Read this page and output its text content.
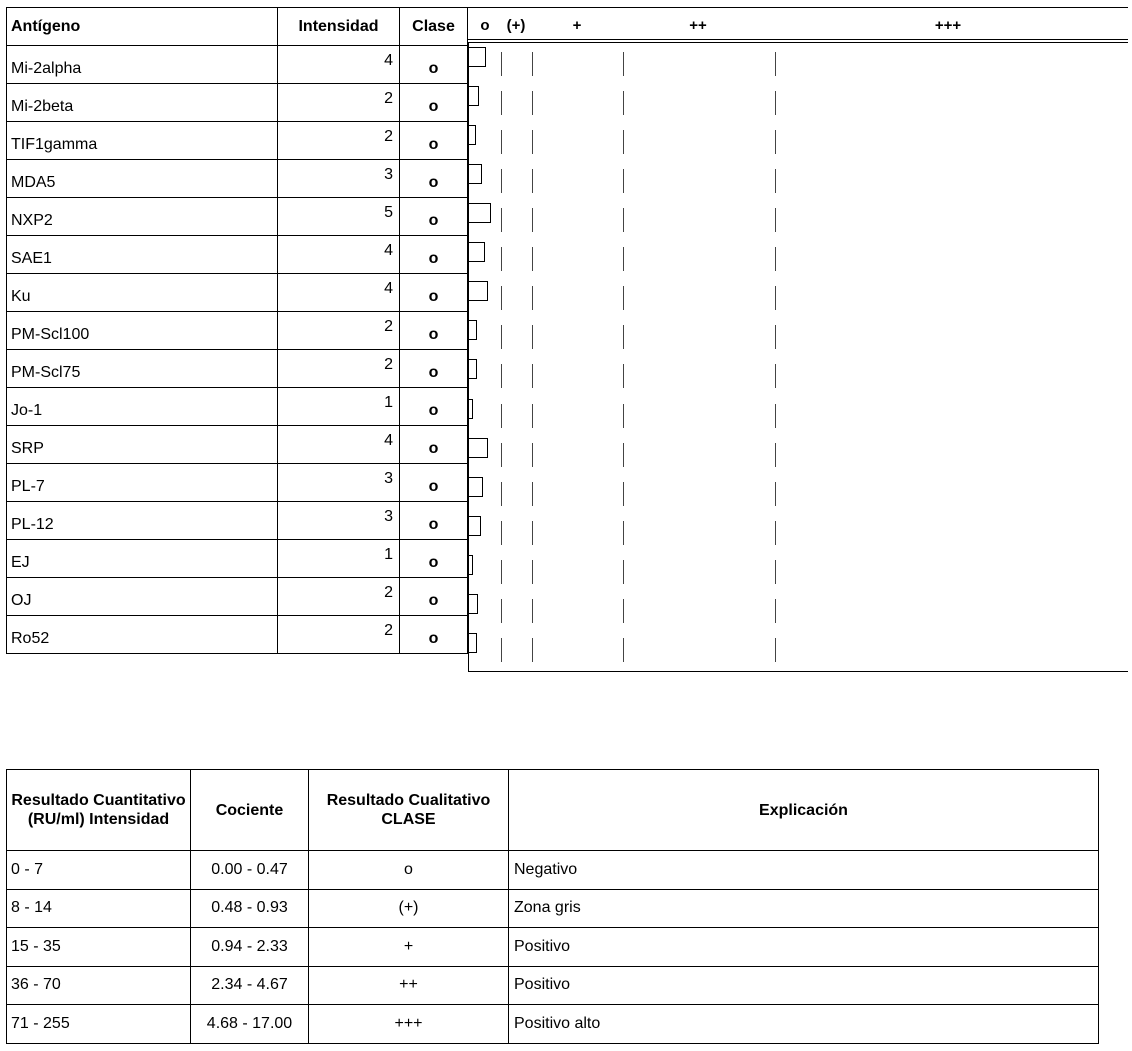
Antígeno	Intensidad	Clase
Mi-2alpha	4	o
Mi-2beta	2	o
TIF1gamma	2	o
MDA5	3	o
NXP2	5	o
SAE1	4	o
Ku	4	o
PM-Scl100	2	o
PM-Scl75	2	o
Jo-1	1	o
SRP	4	o
PL-7	3	o
PL-12	3	o
EJ	1	o
OJ	2	o
Ro52	2	o
o (+)	+	++	+++
Resultado Cuantitativo (RU/ml) Intensidad	Cociente	Resultado Cualitativo CLASE	Explicación
0 - 7	0.00 - 0.47	o	Negativo
8 - 14	0.48 - 0.93	(+)	Zona gris
15 - 35	0.94 - 2.33	+	Positivo
36 - 70	2.34 - 4.67	++	Positivo
71 - 255	4.68 - 17.00	+++	Positivo alto
